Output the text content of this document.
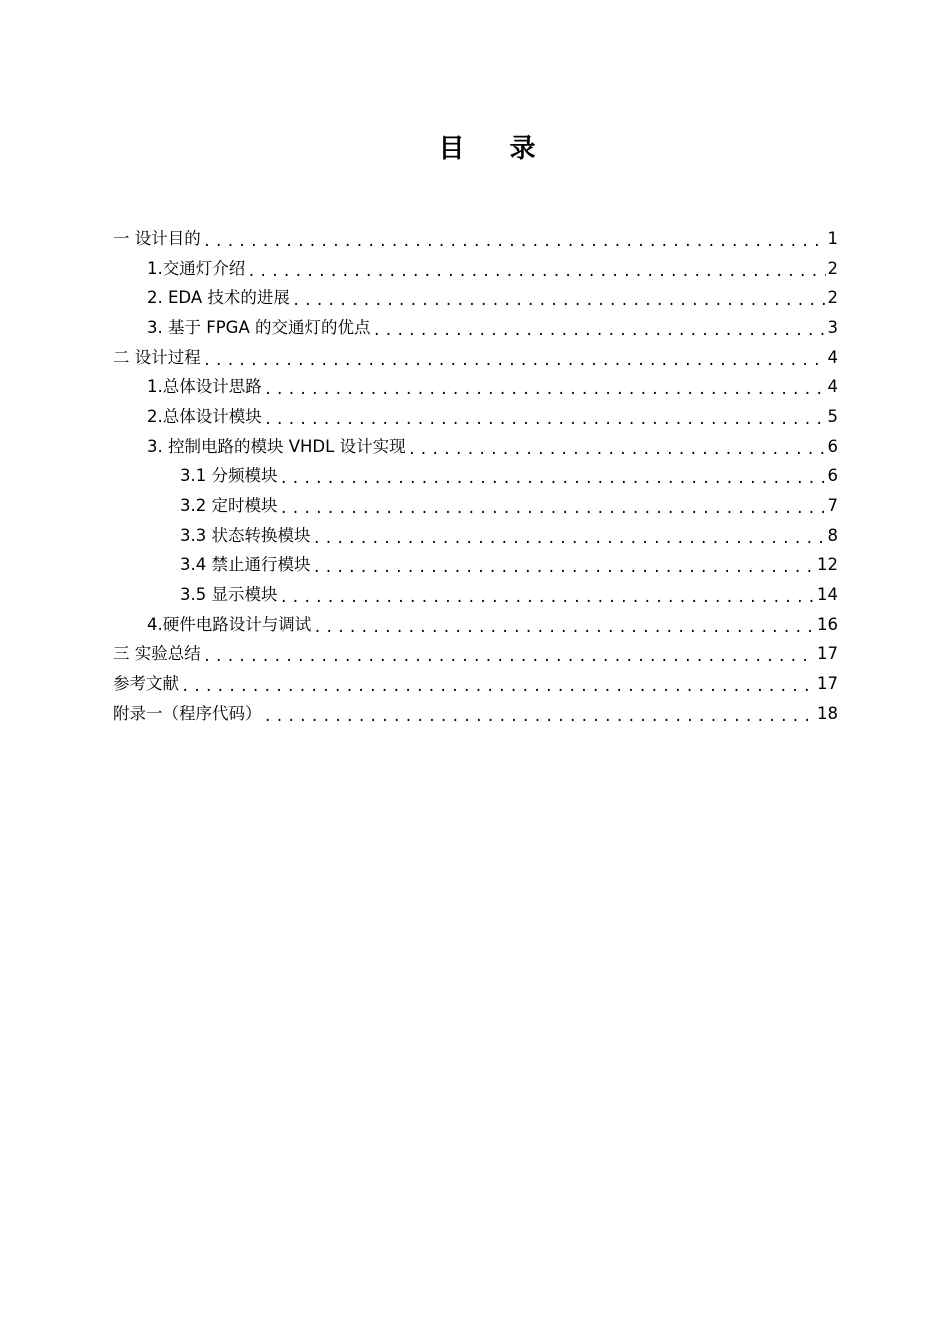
目 录
一 设计目的 .....	1
1.交通灯介绍 .....	2
2. EDA 技术的进展 .....	2
3. 基于 FPGA 的交通灯的优点 .....	3
二 设计过程 .....	4
1.总体设计思路 .....	4
2.总体设计模块 .....	5
3. 控制电路的模块 VHDL 设计实现 .....	6
3.1 分频模块 .....	6
3.2 定时模块 .....	7
3.3 状态转换模块 .....	8
3.4 禁止通行模块 .....	12
3.5 显示模块 .....	14
4.硬件电路设计与调试 .....	16
三 实验总结 .....	17
参考文献 .....	17
附录一（程序代码） .....	18
